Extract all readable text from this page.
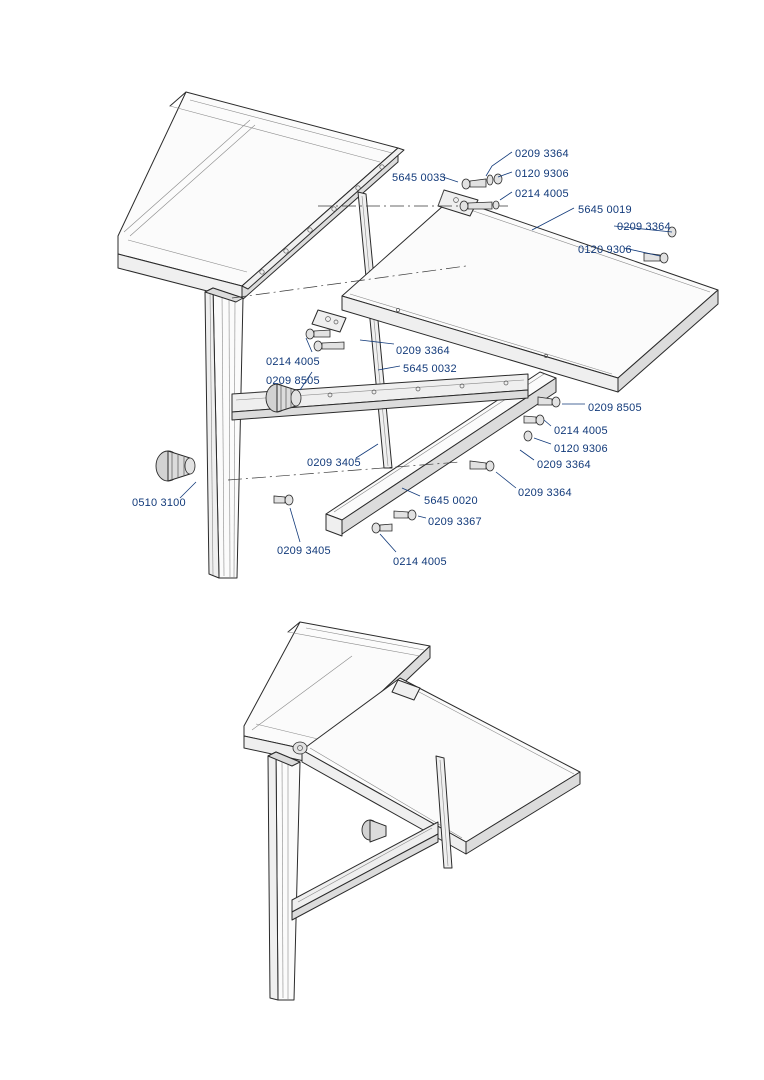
0209 3364
0120 9306
5645 0033
0214 4005
5645 0019
0209 3364
0120 9306
0209 3364
0214 4005
5645 0032
0209 8505
0209 8505
0214 4005
0120 9306
0209 3364
0209 3405
0209 3364
5645 0020
0510 3100
0209 3367
0209 3405
0214 4005
